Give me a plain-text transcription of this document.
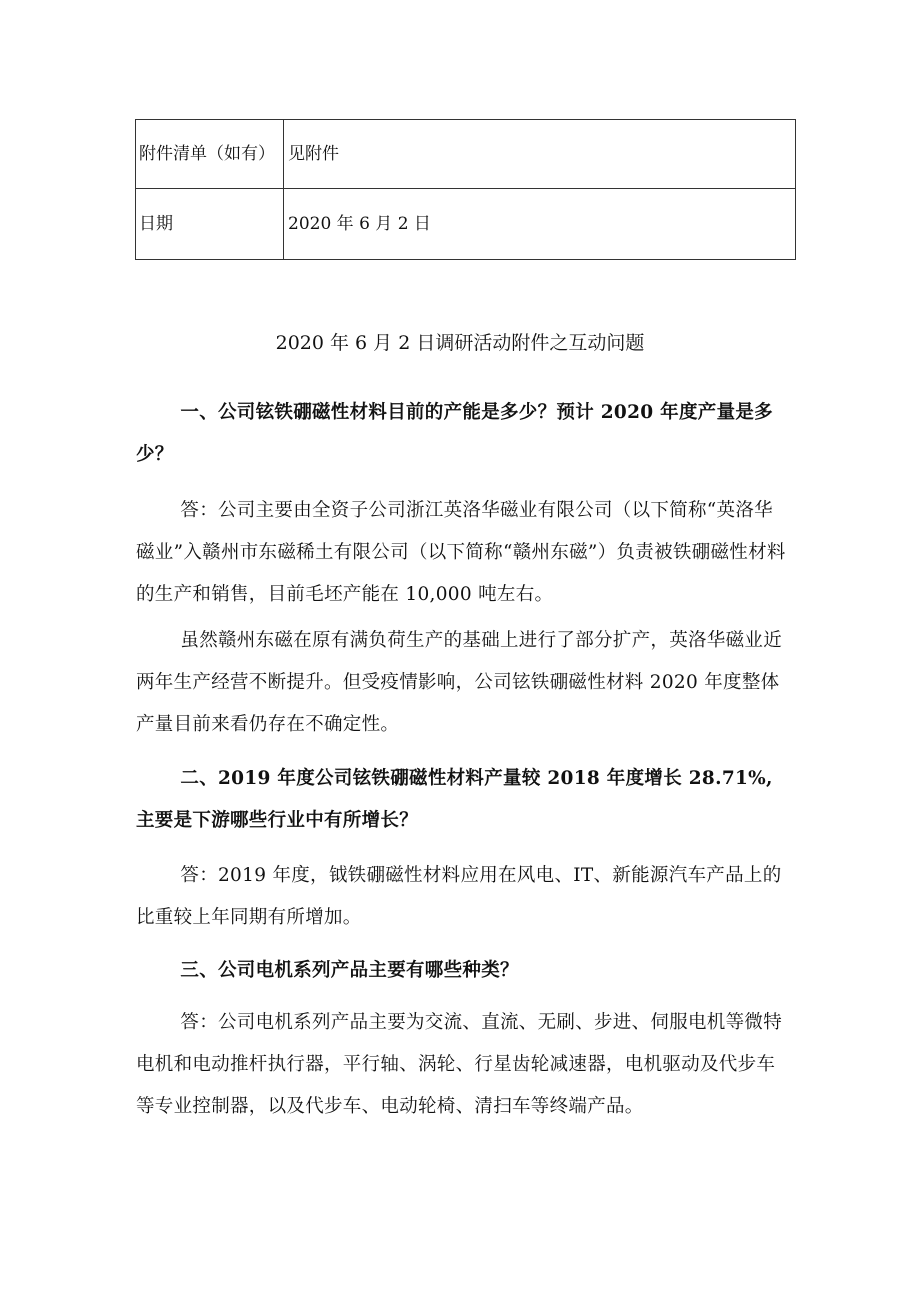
附件清单（如有）	见附件
日期	2020 年 6 月 2 日
2020 年 6 月 2 日调研活动附件之互动问题

一、公司铉铁硼磁性材料目前的产能是多少？预计 2020 年度产量是多少？

答：公司主要由全资子公司浙江英洛华磁业有限公司（以下简称“英洛华磁业”入赣州市东磁稀土有限公司（以下简称“赣州东磁”）负责被铁硼磁性材料的生产和销售，目前毛坯产能在 10,000 吨左右。

虽然赣州东磁在原有满负荷生产的基础上进行了部分扩产，英洛华磁业近两年生产经营不断提升。但受疫情影响，公司铉铁硼磁性材料 2020 年度整体产量目前来看仍存在不确定性。

二、2019 年度公司铉铁硼磁性材料产量较 2018 年度增长 28.71%,主要是下游哪些行业中有所增长？

答：2019 年度，钺铁硼磁性材料应用在风电、IT、新能源汽车产品上的比重较上年同期有所增加。

三、公司电机系列产品主要有哪些种类？

答：公司电机系列产品主要为交流、直流、无刷、步进、伺服电机等微特电机和电动推杆执行器，平行轴、涡轮、行星齿轮减速器，电机驱动及代步车等专业控制器，以及代步车、电动轮椅、清扫车等终端产品。
